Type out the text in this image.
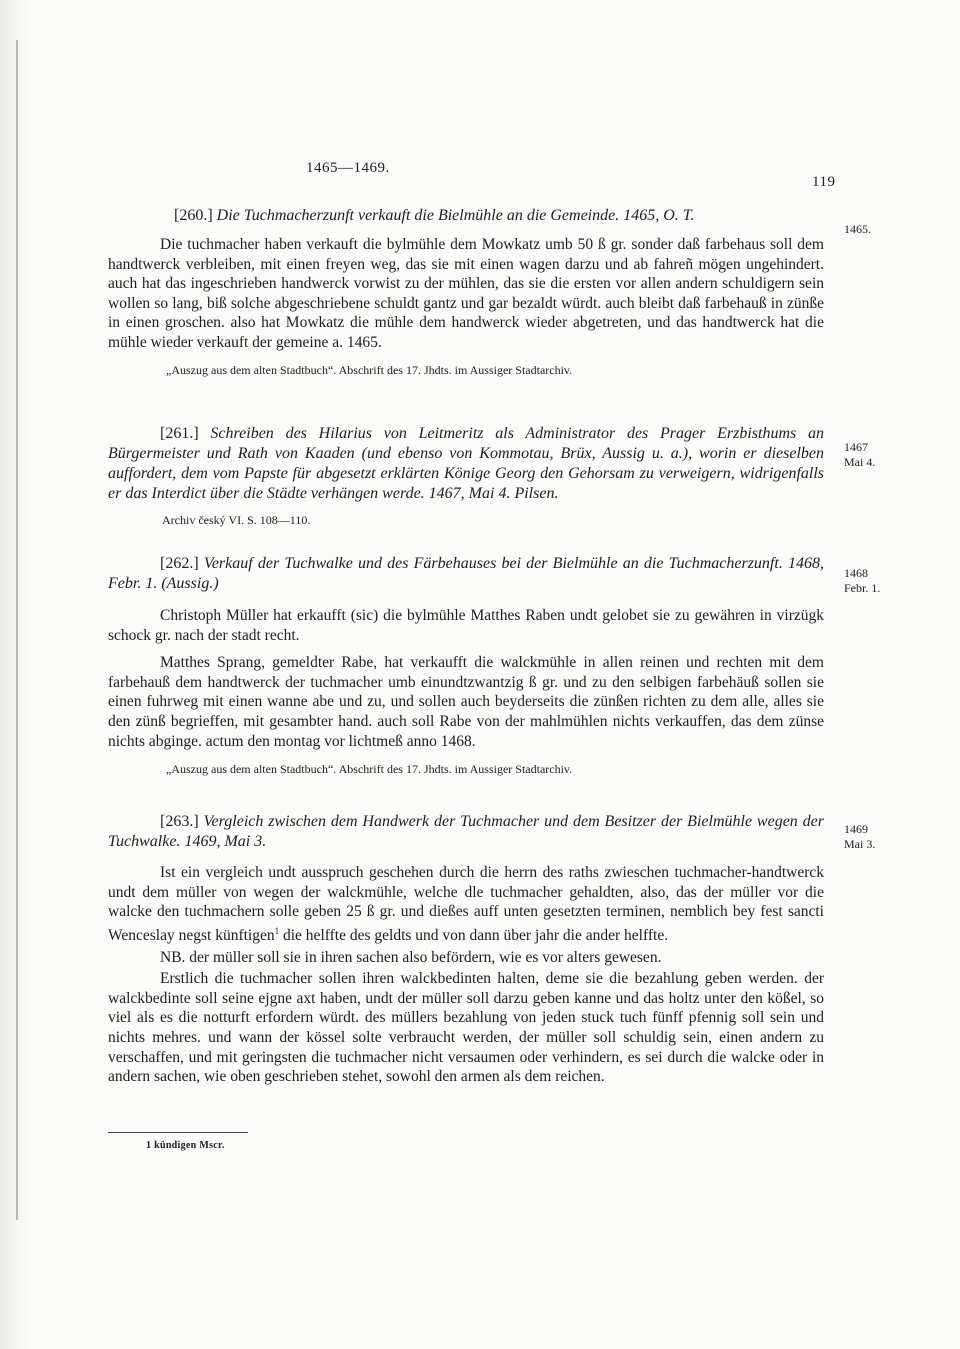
1465—1469.
119

[260.] Die Tuchmacherzunft verkauft die Bielmühle an die Gemeinde. 1465, O. T.

Die tuchmacher haben verkauft die bylmühle dem Mowkatz umb 50 ß gr. sonder daß farbehaus soll dem handtwerck verbleiben, mit einen freyen weg, das sie mit einen wagen darzu und ab fahreñ mögen ungehindert. auch hat das ingeschrieben handwerck vorwist zu der mühlen, das sie die ersten vor allen andern schuldigern sein wollen so lang, biß solche abgeschriebene schuldt gantz und gar bezaldt würdt. auch bleibt daß farbehauß in zünße in einen groschen. also hat Mowkatz die mühle dem handwerck wieder abgetreten, und das handtwerck hat die mühle wieder verkauft der gemeine a. 1465.

„Auszug aus dem alten Stadtbuch“. Abschrift des 17. Jhdts. im Aussiger Stadtarchiv.

[261.] Schreiben des Hilarius von Leitmeritz als Administrator des Prager Erzbisthums an Bürgermeister und Rath von Kaaden (und ebenso von Kommotau, Brüx, Aussig u. a.), worin er dieselben auffordert, dem vom Papste für abgesetzt erklärten Könige Georg den Gehorsam zu verweigern, widrigenfalls er das Interdict über die Städte verhängen werde. 1467, Mai 4. Pilsen.

Archiv český VI. S. 108—110.

[262.] Verkauf der Tuchwalke und des Färbehauses bei der Bielmühle an die Tuchmacherzunft. 1468, Febr. 1. (Aussig.)

Christoph Müller hat erkaufft (sic) die bylmühle Matthes Raben undt gelobet sie zu gewähren in virzügk schock gr. nach der stadt recht.

Matthes Sprang, gemeldter Rabe, hat verkaufft die walckmühle in allen reinen und rechten mit dem farbehauß dem handtwerck der tuchmacher umb einundtzwantzig ß gr. und zu den selbigen farbehäuß sollen sie einen fuhrweg mit einen wanne abe und zu, und sollen auch beyderseits die zünßen richten zu dem alle, alles sie den zünß begrieffen, mit gesambter hand. auch soll Rabe von der mahlmühlen nichts verkauffen, das dem zünse nichts abginge. actum den montag vor lichtmeß anno 1468.

„Auszug aus dem alten Stadtbuch“. Abschrift des 17. Jhdts. im Aussiger Stadtarchiv.

[263.] Vergleich zwischen dem Handwerk der Tuchmacher und dem Besitzer der Bielmühle wegen der Tuchwalke. 1469, Mai 3.

Ist ein vergleich undt ausspruch geschehen durch die herrn des raths zwieschen tuchmacher-handtwerck undt dem müller von wegen der walckmühle, welche dle tuchmacher gehaldten, also, das der müller vor die walcke den tuchmachern solle geben 25 ß gr. und dießes auff unten gesetzten terminen, nemblich bey fest sancti Wenceslay negst künftigen$^1$ die helffte des geldts und von dann über jahr die ander helffte.

NB. der müller soll sie in ihren sachen also befördern, wie es vor alters gewesen.

Erstlich die tuchmacher sollen ihren walckbedinten halten, deme sie die bezahlung geben werden. der walckbedinte soll seine ejgne axt haben, undt der müller soll darzu geben kanne und das holtz unter den kößel, so viel als es die notturft erfordern würdt. des müllers bezahlung von jeden stuck tuch fünff pfennig soll sein und nichts mehres. und wann der kössel solte verbraucht werden, der müller soll schuldig sein, einen andern zu verschaffen, und mit geringsten die tuchmacher nicht versaumen oder verhindern, es sei durch die walcke oder in andern sachen, wie oben geschrieben stehet, sowohl den armen als dem reichen.

1 kündigen Mscr.
1465.
1467
Mai 4.
1468
Febr. 1.
1469
Mai 3.
